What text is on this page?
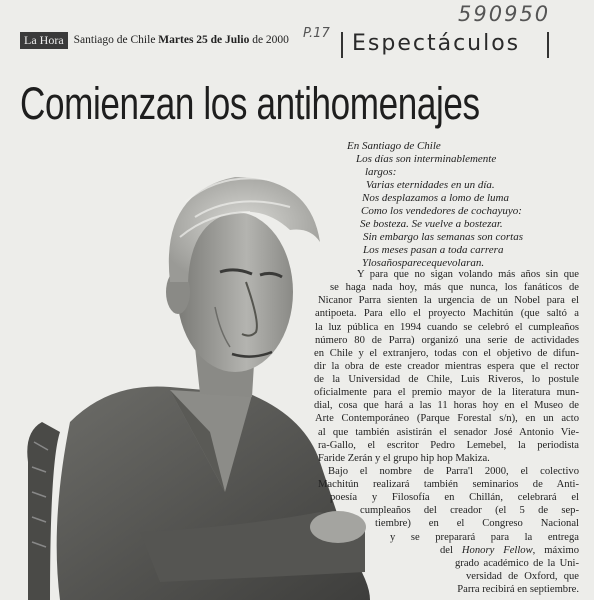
590950
P.17
La Hora Santiago de Chile Martes 25 de Julio de 2000	Espectáculos
Comienzan los antihomenajes
En Santiago de Chile
Los días son interminablemente
largos:
Varias eternidades en un día.
Nos desplazamos a lomo de luma
Como los vendedores de cochayuyo:
Se bosteza. Se vuelve a bostezar.
Sin embargo las semanas son cortas
Los meses pasan a toda carrera
Ylosañosparecequevolaran.
Y para que no sigan volando más años sin que
se haga nada hoy, más que nunca, los fanáticos de
Nicanor Parra sienten la urgencia de un Nobel para el
antipoeta. Para ello el proyecto Machitún (que saltó a
la luz pública en 1994 cuando se celebró el cumpleaños
número 80 de Parra) organizó una serie de actividades
en Chile y el extranjero, todas con el objetivo de difun-
dir la obra de este creador mientras espera que el rector
de la Universidad de Chile, Luis Riveros, lo postule
oficialmente para el premio mayor de la literatura mun-
dial, cosa que hará a las 11 horas hoy en el Museo de
Arte Contemporáneo (Parque Forestal s/n), en un acto
al que también asistirán el senador José Antonio Vie-
ra-Gallo, el escritor Pedro Lemebel, la periodista
Faride Zerán y el grupo hip hop Makiza.
Bajo el nombre de Parra'l 2000, el colectivo
Machitún realizará también seminarios de Anti-
poesía y Filosofía en Chillán, celebrará el
cumpleaños del creador (el 5 de sep-
tiembre) en el Congreso Nacional
y se preparará para la entrega
del Honory Fellow, máximo
grado académico de la Uni-
versidad de Oxford, que
Parra recibirá en septiembre.
